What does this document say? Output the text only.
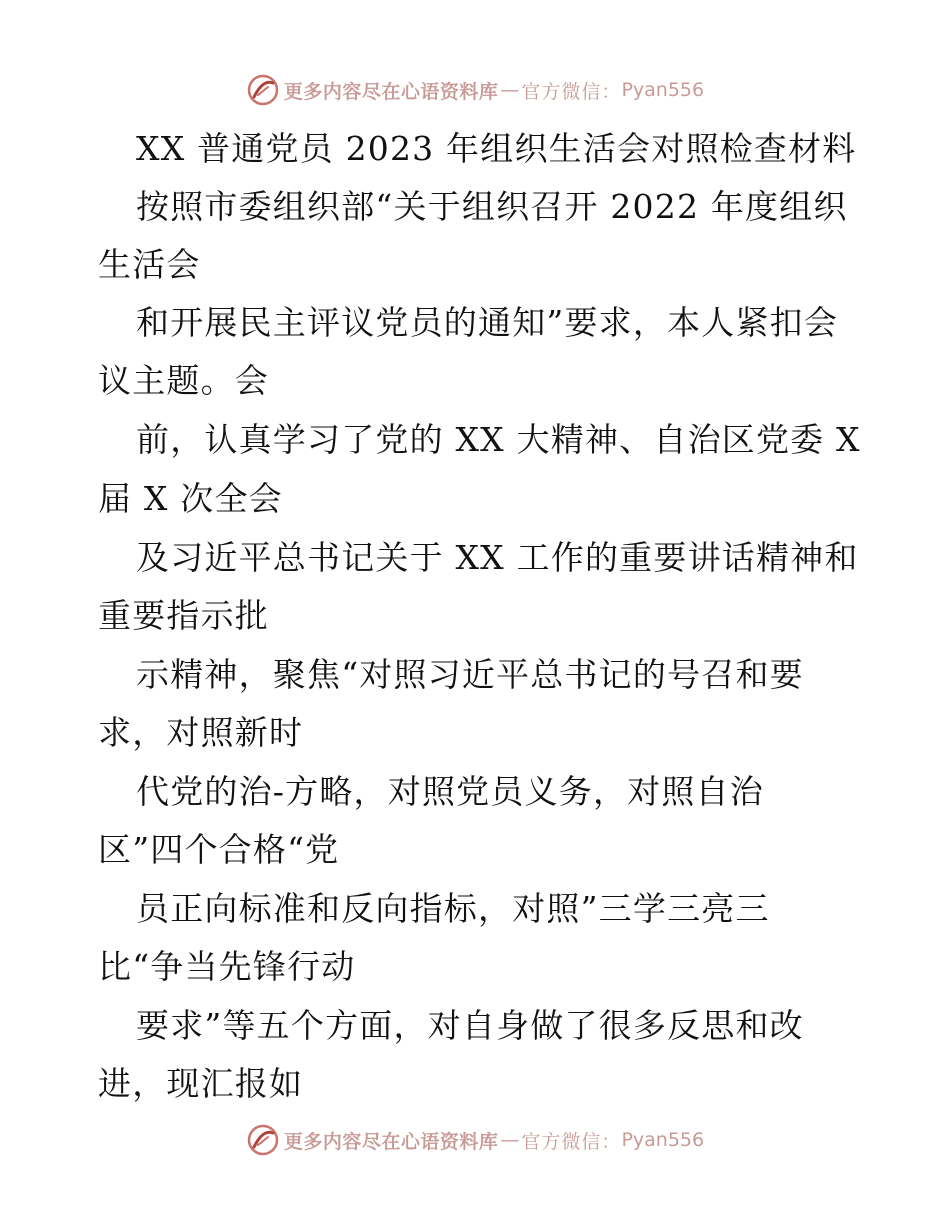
更多内容尽在心语资料库 — 官方微信： Pyan556
XX 普通党员 2023 年组织生活会对照检查材料
按照市委组织部“关于组织召开 2022 年度组织
生活会
和开展民主评议党员的通知”要求，本人紧扣会
议主题。会
前，认真学习了党的 XX 大精神、自治区党委 X
届 X 次全会
及习近平总书记关于 XX 工作的重要讲话精神和
重要指示批
示精神，聚焦“对照习近平总书记的号召和要
求，对照新时
代党的治-方略，对照党员义务，对照自治
区”四个合格“党
员正向标准和反向指标，对照”三学三亮三
比“争当先锋行动
要求”等五个方面，对自身做了很多反思和改
进，现汇报如
更多内容尽在心语资料库 — 官方微信： Pyan556
